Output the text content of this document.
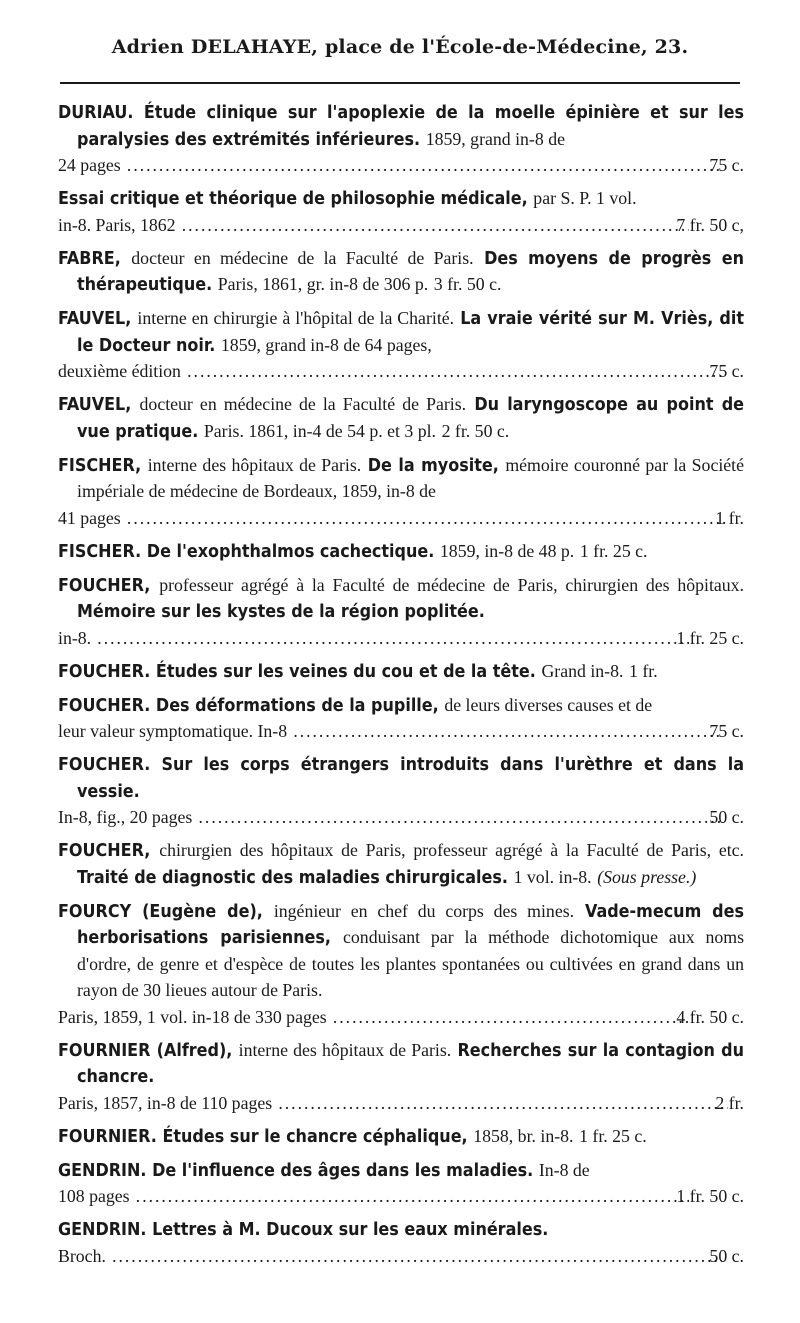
Adrien DELAHAYE, place de l'École-de-Médecine, 23.
DURIAU. Étude clinique sur l'apoplexie de la moelle épinière et sur les paralysies des extrémités inférieures. 1859, grand in-8 de
24 pages .....	75 c.
Essai critique et théorique de philosophie médicale, par S. P. 1 vol.
in-8. Paris, 1862 .....	7 fr. 50 c,
FABRE, docteur en médecine de la Faculté de Paris. Des moyens de progrès en thérapeutique. Paris, 1861, gr. in-8 de 306 p. 3 fr. 50 c.
FAUVEL, interne en chirurgie à l'hôpital de la Charité. La vraie vérité sur M. Vriès, dit le Docteur noir. 1859, grand in-8 de 64 pages,
deuxième édition .....	75 c.
FAUVEL, docteur en médecine de la Faculté de Paris. Du laryngoscope au point de vue pratique. Paris. 1861, in-4 de 54 p. et 3 pl. 2 fr. 50 c.
FISCHER, interne des hôpitaux de Paris. De la myosite, mémoire couronné par la Société impériale de médecine de Bordeaux, 1859, in-8 de
41 pages .....	1 fr.
FISCHER. De l'exophthalmos cachectique. 1859, in-8 de 48 p. 1 fr. 25 c.
FOUCHER, professeur agrégé à la Faculté de médecine de Paris, chirurgien des hôpitaux. Mémoire sur les kystes de la région poplitée.
in-8. .....	1 fr. 25 c.
FOUCHER. Études sur les veines du cou et de la tête. Grand in-8. 1 fr.
FOUCHER. Des déformations de la pupille, de leurs diverses causes et de
leur valeur symptomatique. In-8 .....	75 c.
FOUCHER. Sur les corps étrangers introduits dans l'urèthre et dans la vessie.
In-8, fig., 20 pages .....	50 c.
FOUCHER, chirurgien des hôpitaux de Paris, professeur agrégé à la Faculté de Paris, etc. Traité de diagnostic des maladies chirurgicales. 1 vol. in-8. (Sous presse.)
FOURCY (Eugène de), ingénieur en chef du corps des mines. Vade-mecum des herborisations parisiennes, conduisant par la méthode dichotomique aux noms d'ordre, de genre et d'espèce de toutes les plantes spontanées ou cultivées en grand dans un rayon de 30 lieues autour de Paris.
Paris, 1859, 1 vol. in-18 de 330 pages .....	4 fr. 50 c.
FOURNIER (Alfred), interne des hôpitaux de Paris. Recherches sur la contagion du chancre.
Paris, 1857, in-8 de 110 pages .....	2 fr.
FOURNIER. Études sur le chancre céphalique, 1858, br. in-8. 1 fr. 25 c.
GENDRIN. De l'influence des âges dans les maladies. In-8 de
108 pages .....	1 fr. 50 c.
GENDRIN. Lettres à M. Ducoux sur les eaux minérales.
Broch. .....	50 c.
